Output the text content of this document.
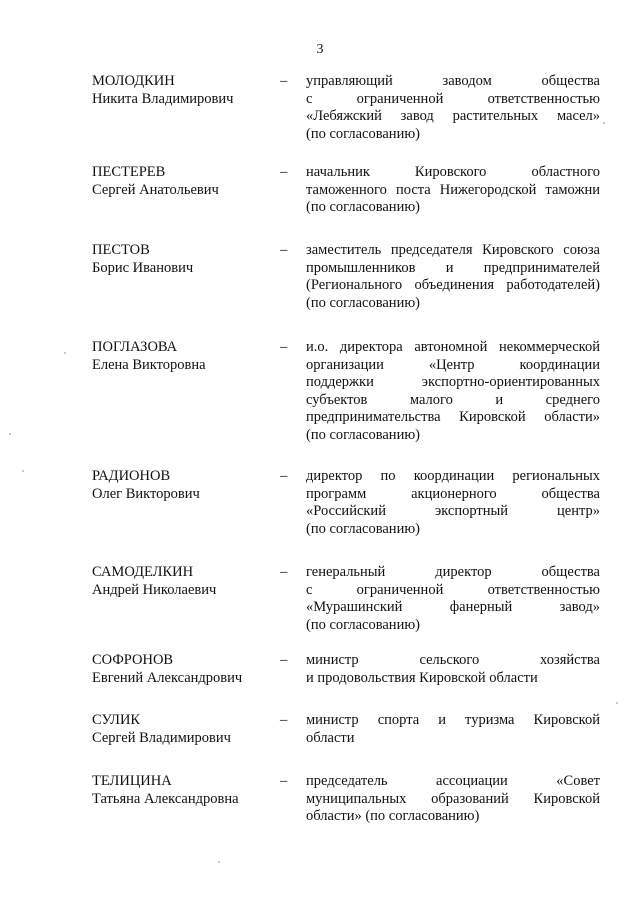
3
МОЛОДКИН
Никита Владимирович
– управляющий заводом общества
с ограниченной ответственностью
«Лебяжский завод растительных масел»
(по согласованию)
ПЕСТЕРЕВ
Сергей Анатольевич
– начальник Кировского областного
таможенного поста Нижегородской таможни
(по согласованию)
ПЕСТОВ
Борис Иванович
– заместитель председателя Кировского союза
промышленников и предпринимателей
(Регионального объединения работодателей)
(по согласованию)
ПОГЛАЗОВА
Елена Викторовна
– и.о. директора автономной некоммерческой
организации «Центр координации
поддержки экспортно-ориентированных
субъектов малого и среднего
предпринимательства Кировской области»
(по согласованию)
РАДИОНОВ
Олег Викторович
– директор по координации региональных
программ акционерного общества
«Российский экспортный центр»
(по согласованию)
САМОДЕЛКИН
Андрей Николаевич
– генеральный директор общества
с ограниченной ответственностью
«Мурашинский фанерный завод»
(по согласованию)
СОФРОНОВ
Евгений Александрович
– министр сельского хозяйства
и продовольствия Кировской области
СУЛИК
Сергей Владимирович
– министр спорта и туризма Кировской
области
ТЕЛИЦИНА
Татьяна Александровна
– председатель ассоциации «Совет
муниципальных образований Кировской
области» (по согласованию)
